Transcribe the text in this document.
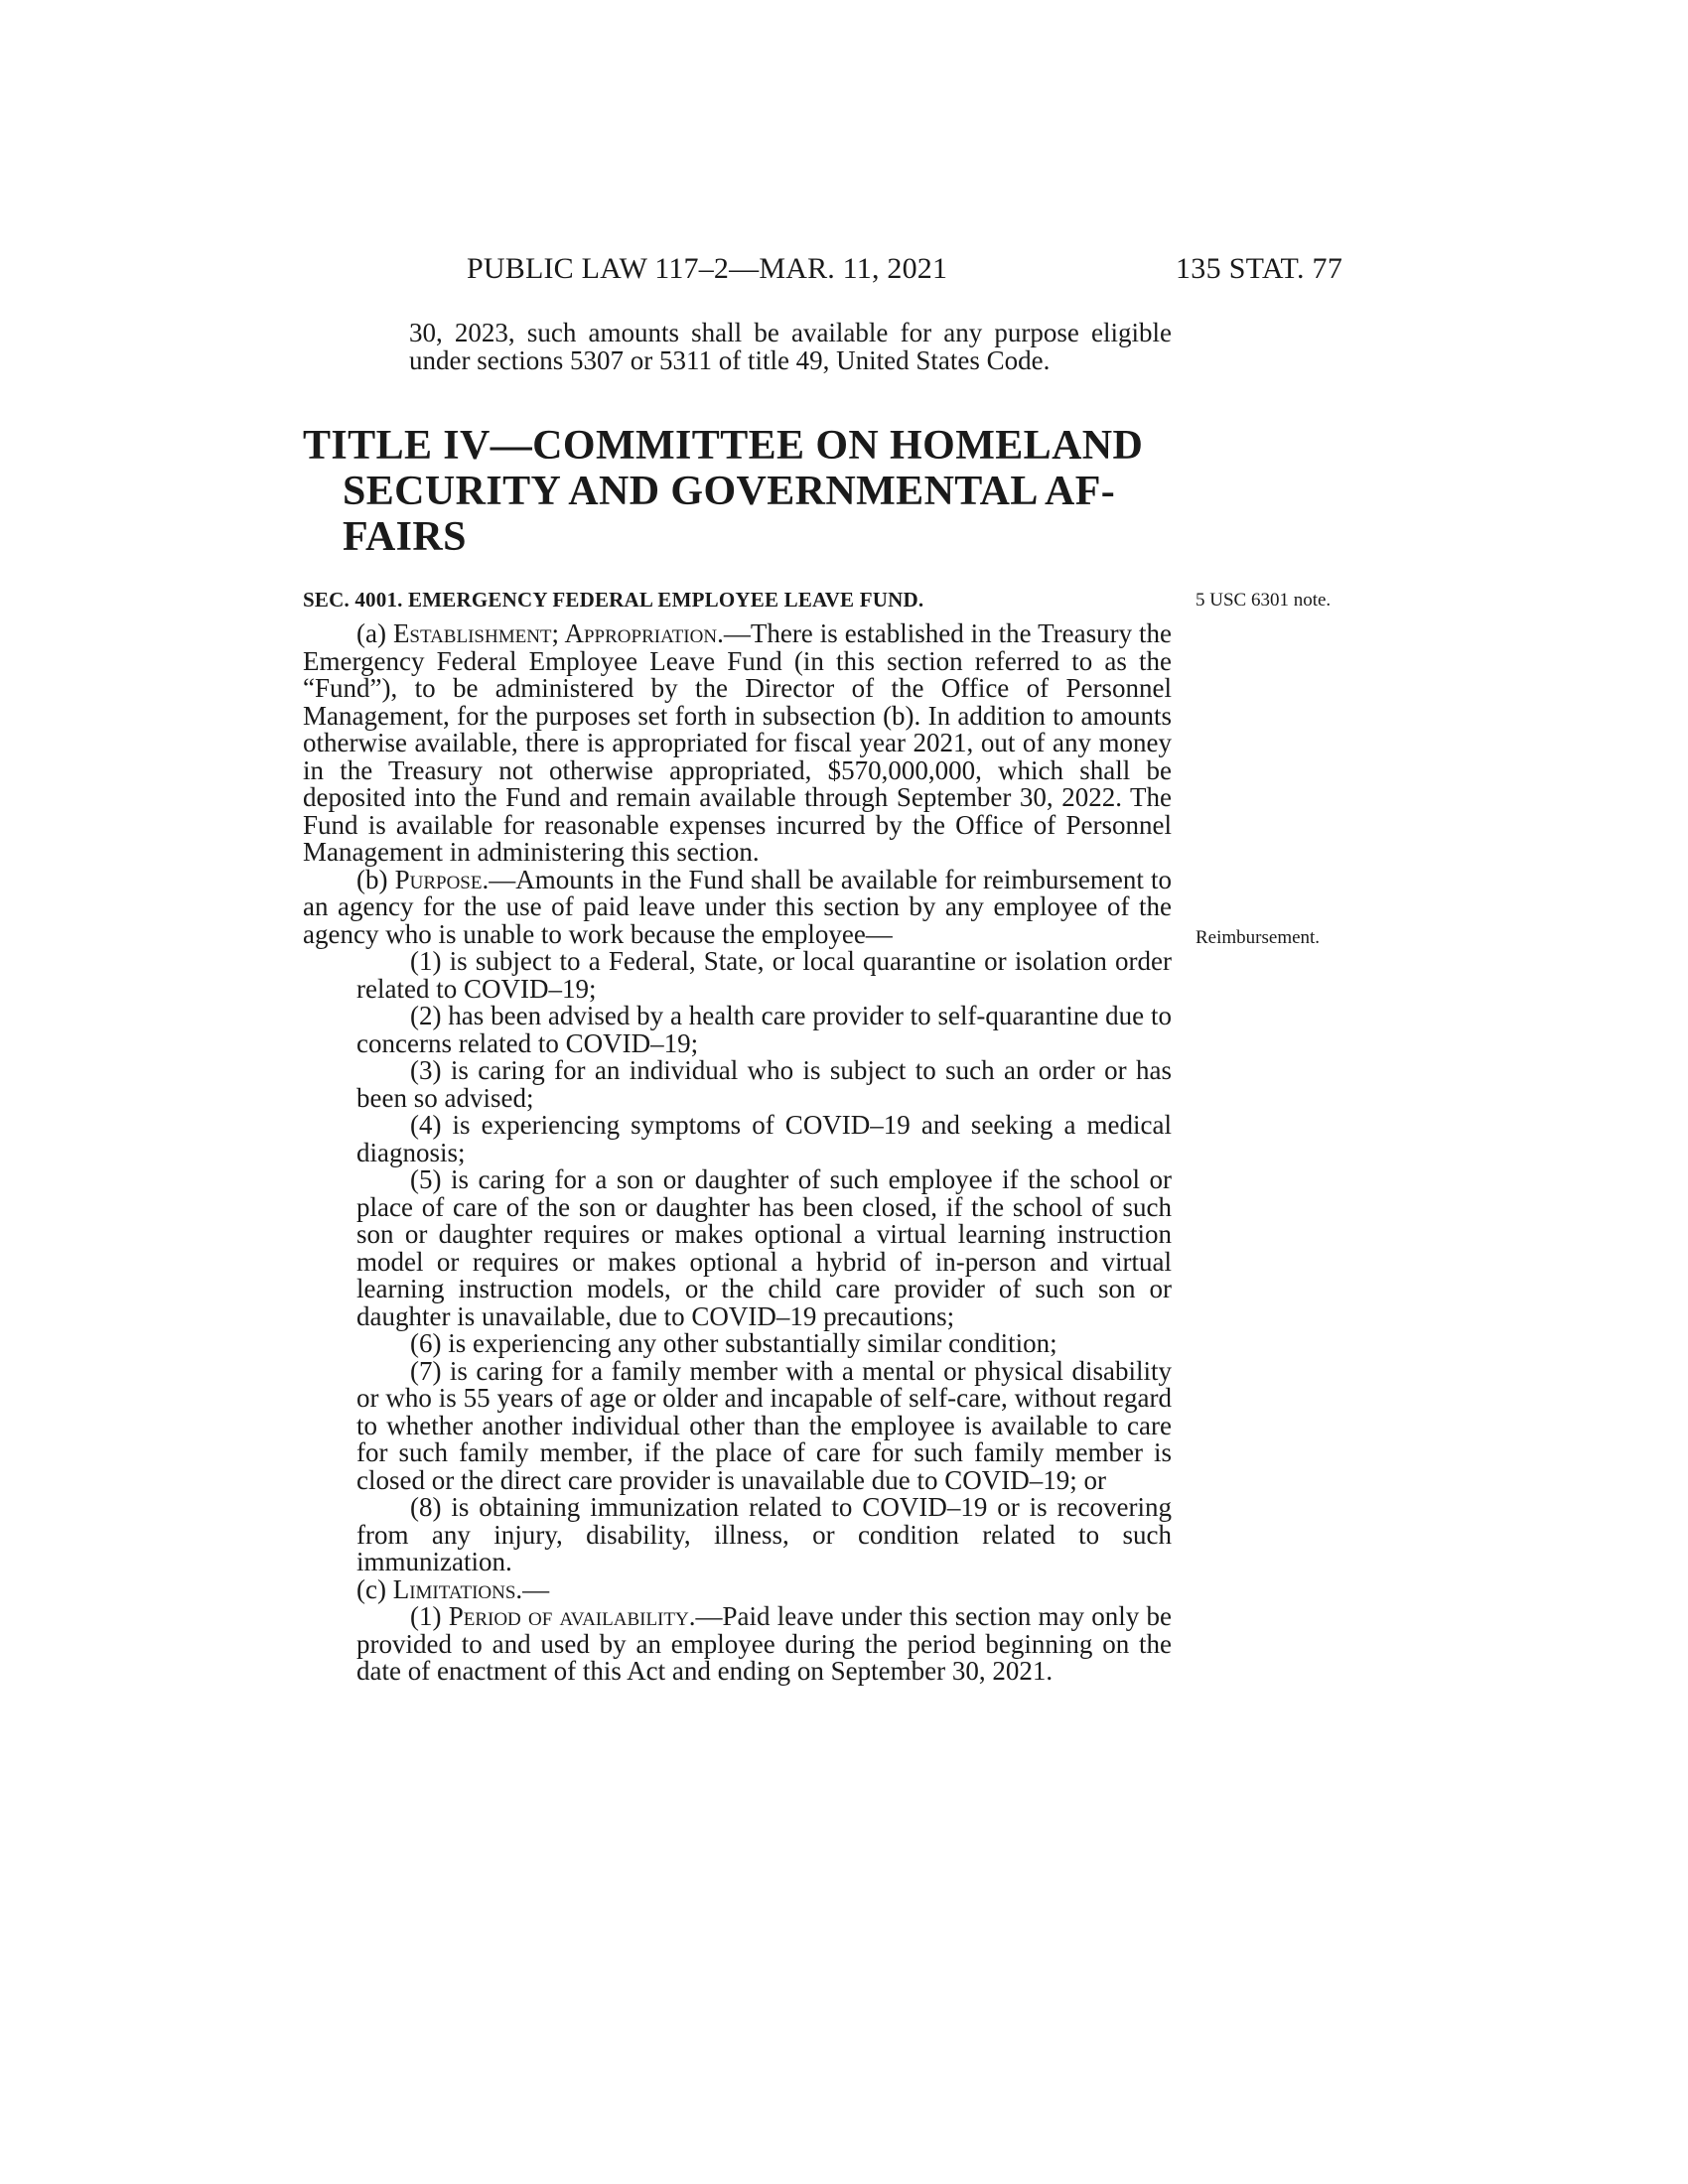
PUBLIC LAW 117–2—MAR. 11, 2021	135 STAT. 77

30, 2023, such amounts shall be available for any purpose eligible under sections 5307 or 5311 of title 49, United States Code.

TITLE IV—COMMITTEE ON HOMELAND
SECURITY AND GOVERNMENTAL AF-
FAIRS
SEC. 4001. EMERGENCY FEDERAL EMPLOYEE LEAVE FUND.	5 USC 6301 note.
Reimbursement.

(a) Establishment; Appropriation.—There is established in the Treasury the Emergency Federal Employee Leave Fund (in this section referred to as the “Fund”), to be administered by the Director of the Office of Personnel Management, for the purposes set forth in subsection (b). In addition to amounts otherwise available, there is appropriated for fiscal year 2021, out of any money in the Treasury not otherwise appropriated, $570,000,000, which shall be deposited into the Fund and remain available through September 30, 2022. The Fund is available for reasonable expenses incurred by the Office of Personnel Management in administering this section.

(b) Purpose.—Amounts in the Fund shall be available for reimbursement to an agency for the use of paid leave under this section by any employee of the agency who is unable to work because the employee—

(1) is subject to a Federal, State, or local quarantine or isolation order related to COVID–19;

(2) has been advised by a health care provider to self-quarantine due to concerns related to COVID–19;

(3) is caring for an individual who is subject to such an order or has been so advised;

(4) is experiencing symptoms of COVID–19 and seeking a medical diagnosis;

(5) is caring for a son or daughter of such employee if the school or place of care of the son or daughter has been closed, if the school of such son or daughter requires or makes optional a virtual learning instruction model or requires or makes optional a hybrid of in-person and virtual learning instruction models, or the child care provider of such son or daughter is unavailable, due to COVID–19 precautions;

(6) is experiencing any other substantially similar condition;

(7) is caring for a family member with a mental or physical disability or who is 55 years of age or older and incapable of self-care, without regard to whether another individual other than the employee is available to care for such family member, if the place of care for such family member is closed or the direct care provider is unavailable due to COVID–19; or

(8) is obtaining immunization related to COVID–19 or is recovering from any injury, disability, illness, or condition related to such immunization.

(c) Limitations.—

(1) Period of availability.—Paid leave under this section may only be provided to and used by an employee during the period beginning on the date of enactment of this Act and ending on September 30, 2021.
